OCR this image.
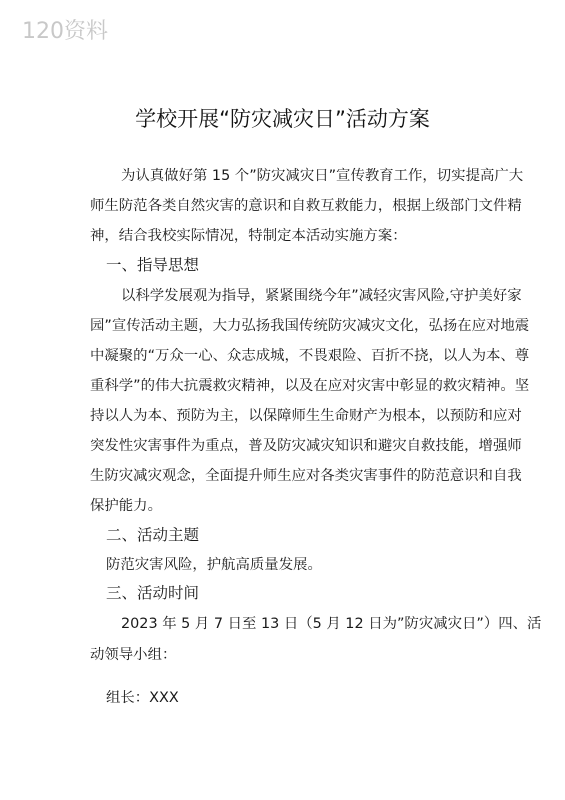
120资料
学校开展“防灾减灾日”活动方案
为认真做好第 15 个”防灾减灾日”宣传教育工作，切实提高广大
师生防范各类自然灾害的意识和自救互救能力，根据上级部门文件精
神，结合我校实际情况，特制定本活动实施方案：
一、指导思想
以科学发展观为指导，紧紧围绕今年”减轻灾害风险,守护美好家
园”宣传活动主题，大力弘扬我国传统防灾减灾文化，弘扬在应对地震
中凝聚的“万众一心、众志成城，不畏艰险、百折不挠，以人为本、尊
重科学”的伟大抗震救灾精神，以及在应对灾害中彰显的救灾精神。坚
持以人为本、预防为主，以保障师生生命财产为根本，以预防和应对
突发性灾害事件为重点，普及防灾减灾知识和避灾自救技能，增强师
生防灾减灾观念，全面提升师生应对各类灾害事件的防范意识和自我
保护能力。
二、活动主题
防范灾害风险，护航高质量发展。
三、活动时间
2023 年 5 月 7 日至 13 日（5 月 12 日为”防灾减灾日”）四、活
动领导小组：
组长：XXX
